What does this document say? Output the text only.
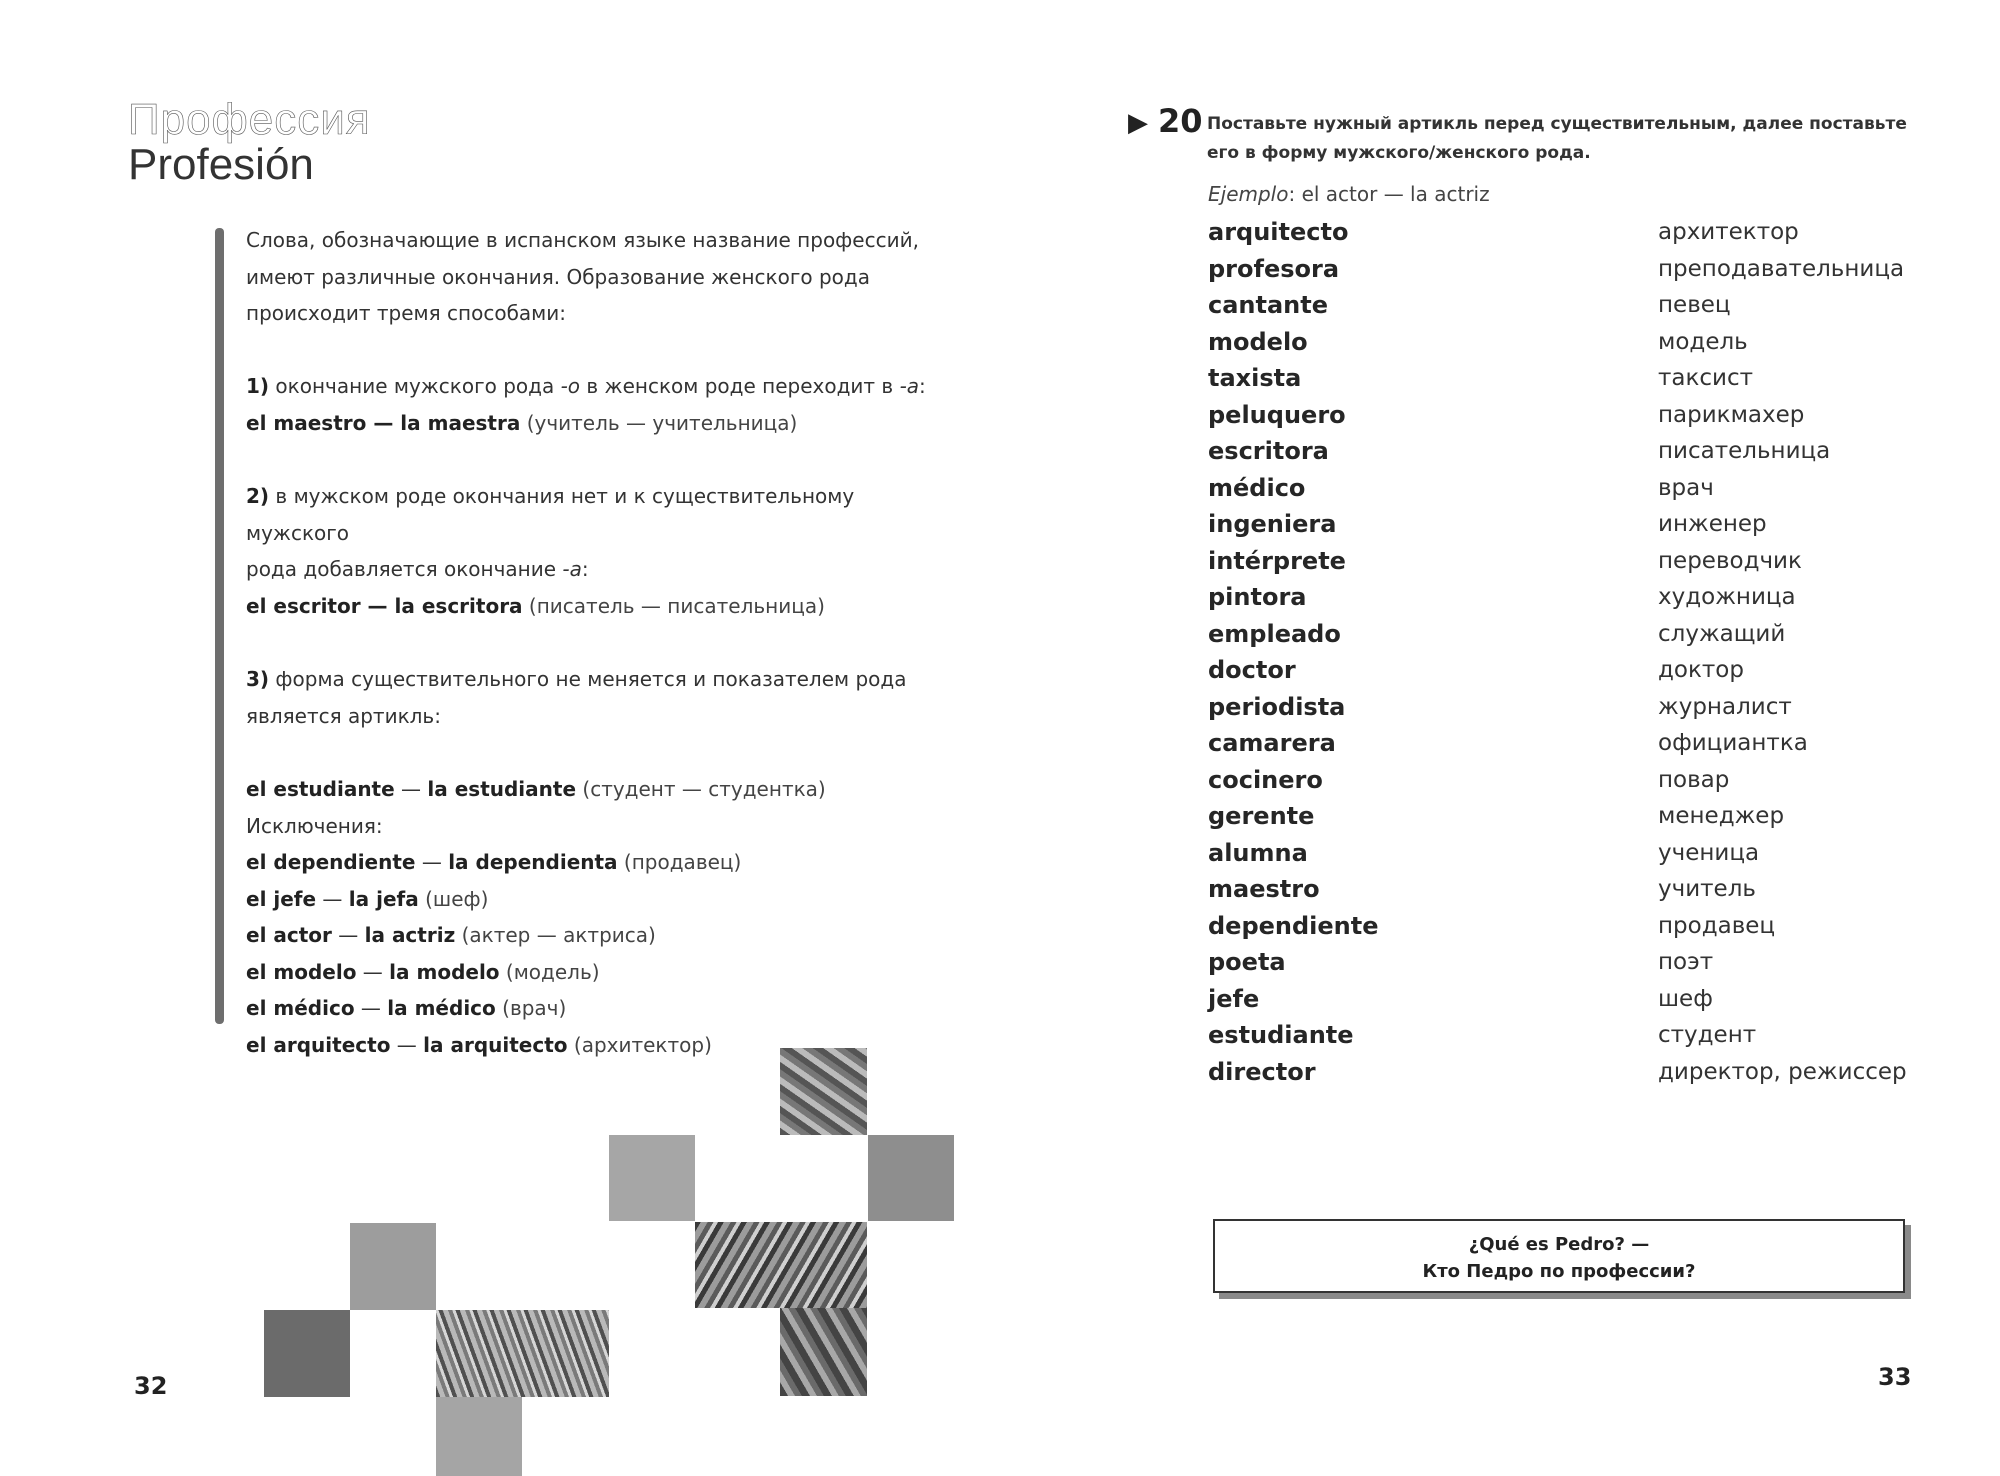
Профессия
Profesión

Слова, обозначающие в испанском языке название профессий,

имеют различные окончания. Образование женского рода

происходит тремя способами:

1) окончание мужского рода -o в женском роде переходит в -a:

el maestro — la maestra (учитель — учительница)

2) в мужском роде окончания нет и к существительному мужского

рода добавляется окончание -a:

el escritor — la escritora (писатель — писательница)

3) форма существительного не меняется и показателем рода

является артикль:

el estudiante — la estudiante (студент — студентка)

Исключения:

el dependiente — la dependienta (продавец)

el jefe — la jefa (шеф)

el actor — la actriz (актер — актриса)

el modelo — la modelo (модель)

el médico — la médico (врач)

el arquitecto — la arquitecto (архитектор)

32
▶ 20 Поставьте нужный артикль перед существительным, далее поставьте его в форму мужского/женского рода.
Ejemplo: el actor — la actriz
arquitecto	архитектор
profesora	преподавательница
cantante	певец
modelo	модель
taxista	таксист
peluquero	парикмахер
escritora	писательница
médico	врач
ingeniera	инженер
intérprete	переводчик
pintora	художница
empleado	служащий
doctor	доктор
periodista	журналист
camarera	официантка
cocinero	повар
gerente	менеджер
alumna	ученица
maestro	учитель
dependiente	продавец
poeta	поэт
jefe	шеф
estudiante	студент
director	директор, режиссер
¿Qué es Pedro? —
Кто Педро по профессии?
33
